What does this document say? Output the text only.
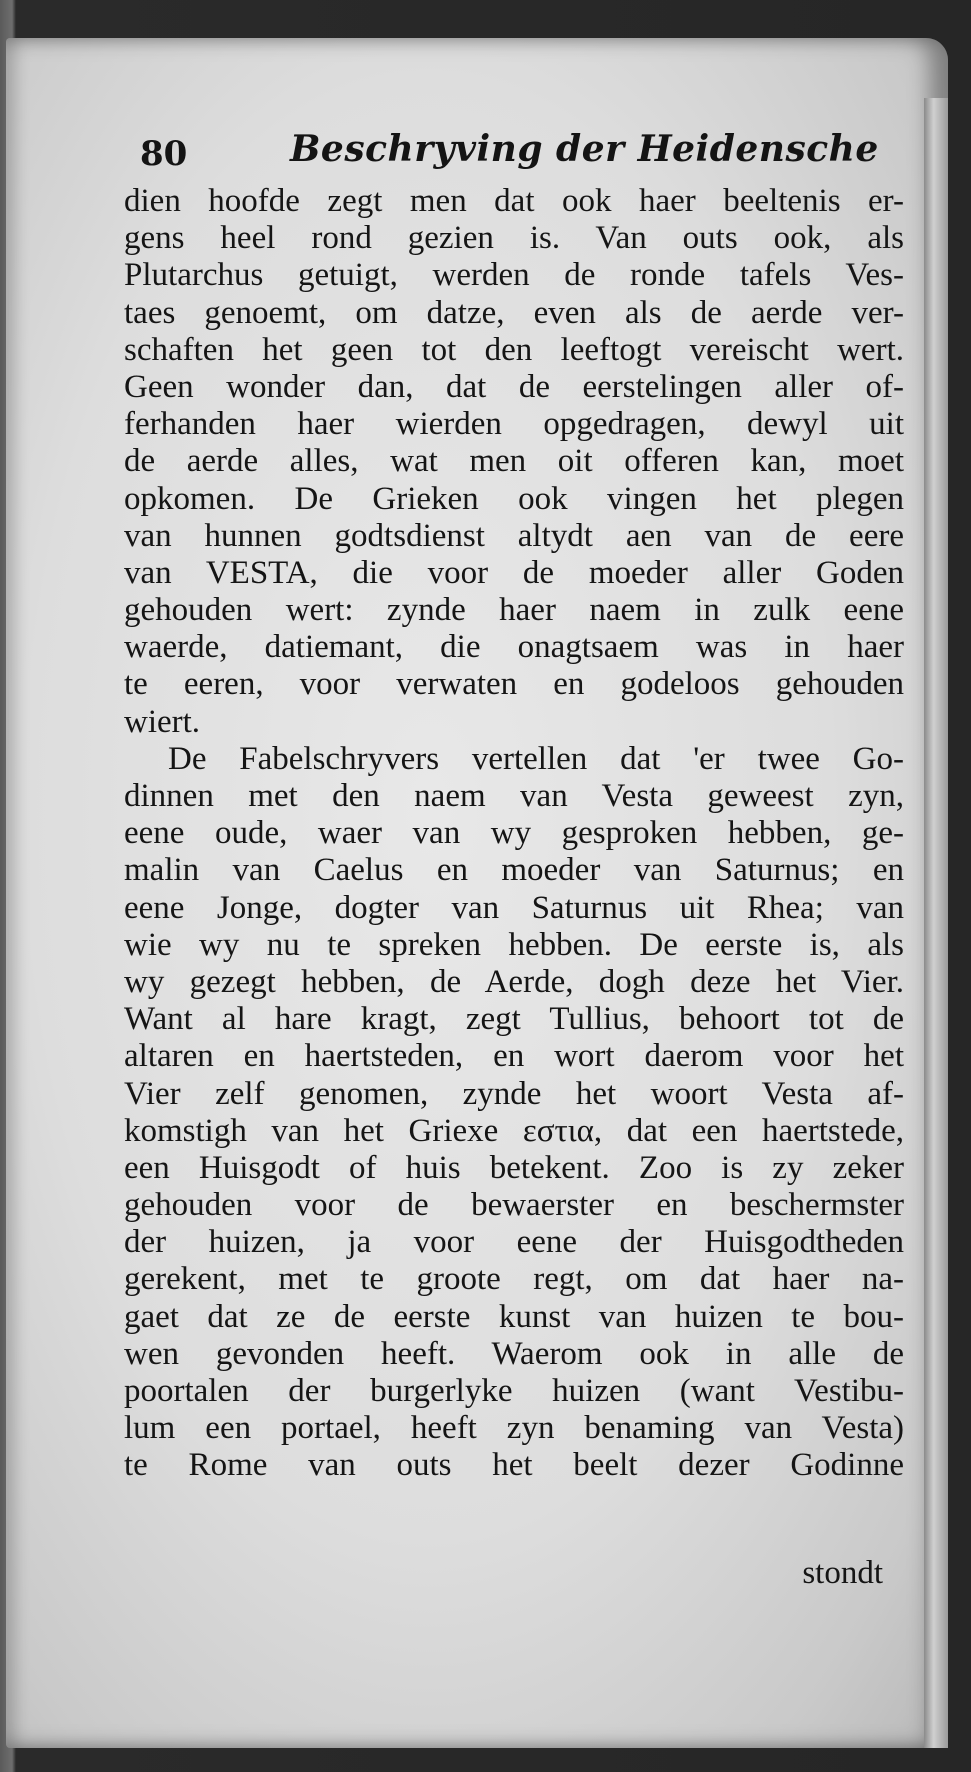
80	Beschryving der Heidensche
dien hoofde zegt men dat ook haer beeltenis er-
gens heel rond gezien is. Van outs ook, als
Plutarchus getuigt, werden de ronde tafels Ves-
taes genoemt, om datze, even als de aerde ver-
schaften het geen tot den leeftogt vereischt wert.
Geen wonder dan, dat de eerstelingen aller of-
ferhanden haer wierden opgedragen, dewyl uit
de aerde alles, wat men oit offeren kan, moet
opkomen. De Grieken ook vingen het plegen
van hunnen godtsdienst altydt aen van de eere
van VESTA, die voor de moeder aller Goden
gehouden wert: zynde haer naem in zulk eene
waerde, datiemant, die onagtsaem was in haer
te eeren, voor verwaten en godeloos gehouden
wiert.
De Fabelschryvers vertellen dat 'er twee Go-
dinnen met den naem van Vesta geweest zyn,
eene oude, waer van wy gesproken hebben, ge-
malin van Caelus en moeder van Saturnus; en
eene Jonge, dogter van Saturnus uit Rhea; van
wie wy nu te spreken hebben. De eerste is, als
wy gezegt hebben, de Aerde, dogh deze het Vier.
Want al hare kragt, zegt Tullius, behoort tot de
altaren en haertsteden, en wort daerom voor het
Vier zelf genomen, zynde het woort Vesta af-
komstigh van het Griexe εστια, dat een haertstede,
een Huisgodt of huis betekent. Zoo is zy zeker
gehouden voor de bewaerster en beschermster
der huizen, ja voor eene der Huisgodtheden
gerekent, met te groote regt, om dat haer na-
gaet dat ze de eerste kunst van huizen te bou-
wen gevonden heeft. Waerom ook in alle de
poortalen der burgerlyke huizen (want Vestibu-
lum een portael, heeft zyn benaming van Vesta)
te Rome van outs het beelt dezer Godinne
stondt
